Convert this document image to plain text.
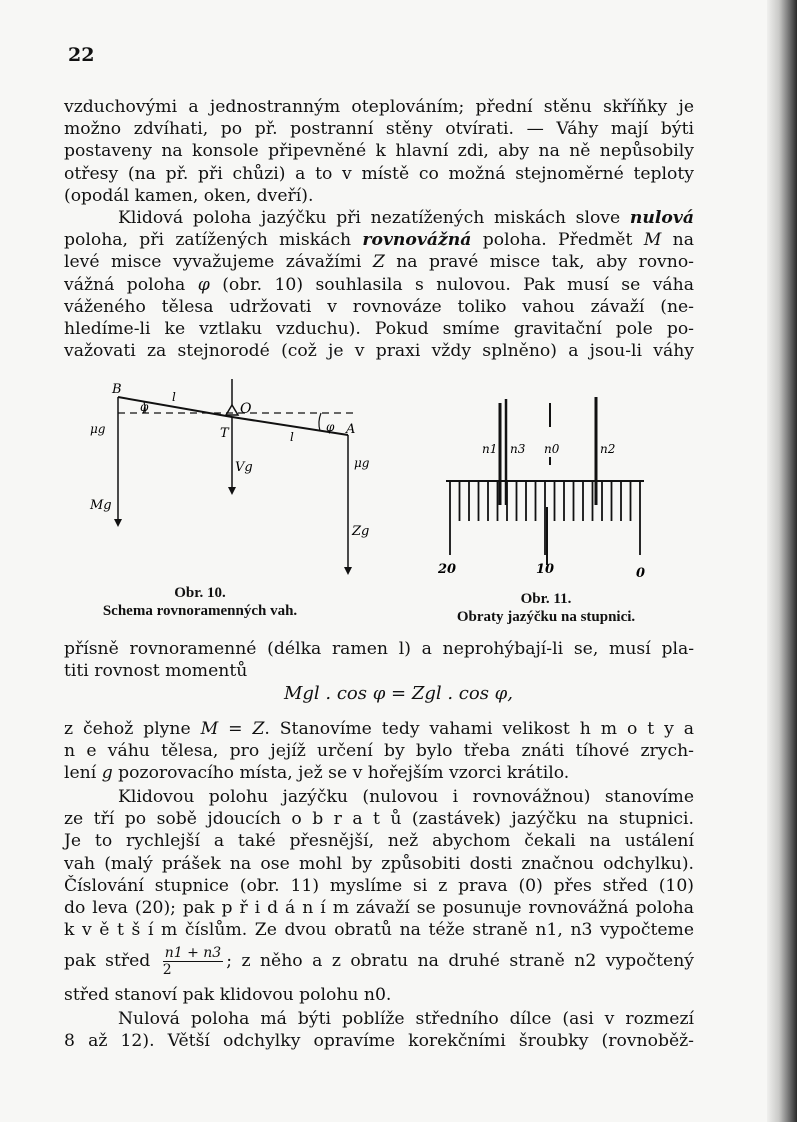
22

vzduchovými a jednostranným oteplováním; přední stěnu skříňky je

možno zdvíhati, po př. postranní stěny otvírati. — Váhy mají býti

postaveny na konsole připevněné k hlavní zdi, aby na ně nepůsobily

otřesy (na př. při chůzi) a to v místě co možná stejnoměrné teploty

(opodál kamen, oken, dveří).

Klidová poloha jazýčku při nezatížených miskách slove nulová

poloha, při zatížených miskách rovnovážná poloha. Předmět M na

levé misce vyvažujeme závažími Z na pravé misce tak, aby rovno-

vážná poloha φ (obr. 10) souhlasila s nulovou. Pak musí se váha

váženého tělesa udržovati v rovnováze toliko vahou závaží (ne-

hledíme-li ke vztlaku vzduchu). Pokud smíme gravitační pole po-

važovati za stejnorodé (což je v praxi vždy splněno) a jsou-li váhy

B
φ
l
O
T	l
φ A
μg
Vg	μg
Mg
Zg
Obr. 10.
Schema rovnoramenných vah.
n1 n3 n0	n2
20	10	0
Obr. 11.
Obraty jazýčku na stupnici.

přísně rovnoramenné (délka ramen l) a neprohýbají-li se, musí pla-

titi rovnost momentů

Mgl . cos φ = Zgl . cos φ,

z čehož plyne M = Z. Stanovíme tedy vahami velikost h m o t y a

n e váhu tělesa, pro jejíž určení by bylo třeba znáti tíhové zrych-

lení g pozorovacího místa, jež se v hořejším vzorci krátilo.

Klidovou polohu jazýčku (nulovou i rovnovážnou) stanovíme

ze tří po sobě jdoucích o b r a t ů (zastávek) jazýčku na stupnici.

Je to rychlejší a také přesnější, než abychom čekali na ustálení

vah (malý prášek na ose mohl by způsobiti dosti značnou odchylku).

Číslování stupnice (obr. 11) myslíme si z prava (0) přes střed (10)

do leva (20); pak p ř i d á n í m závaží se posunuje rovnovážná poloha

k v ě t š í m číslům. Ze dvou obratů na téže straně n1, n3 vypočteme

pak střed $\frac{n1 + n3}{2}$ ; z něho a z obratu na druhé straně n2 vypočtený

střed stanoví pak klidovou polohu n0.

Nulová poloha má býti poblíže středního dílce (asi v rozmezí

8 až 12). Větší odchylky opravíme korekčními šroubky (rovnoběž-
